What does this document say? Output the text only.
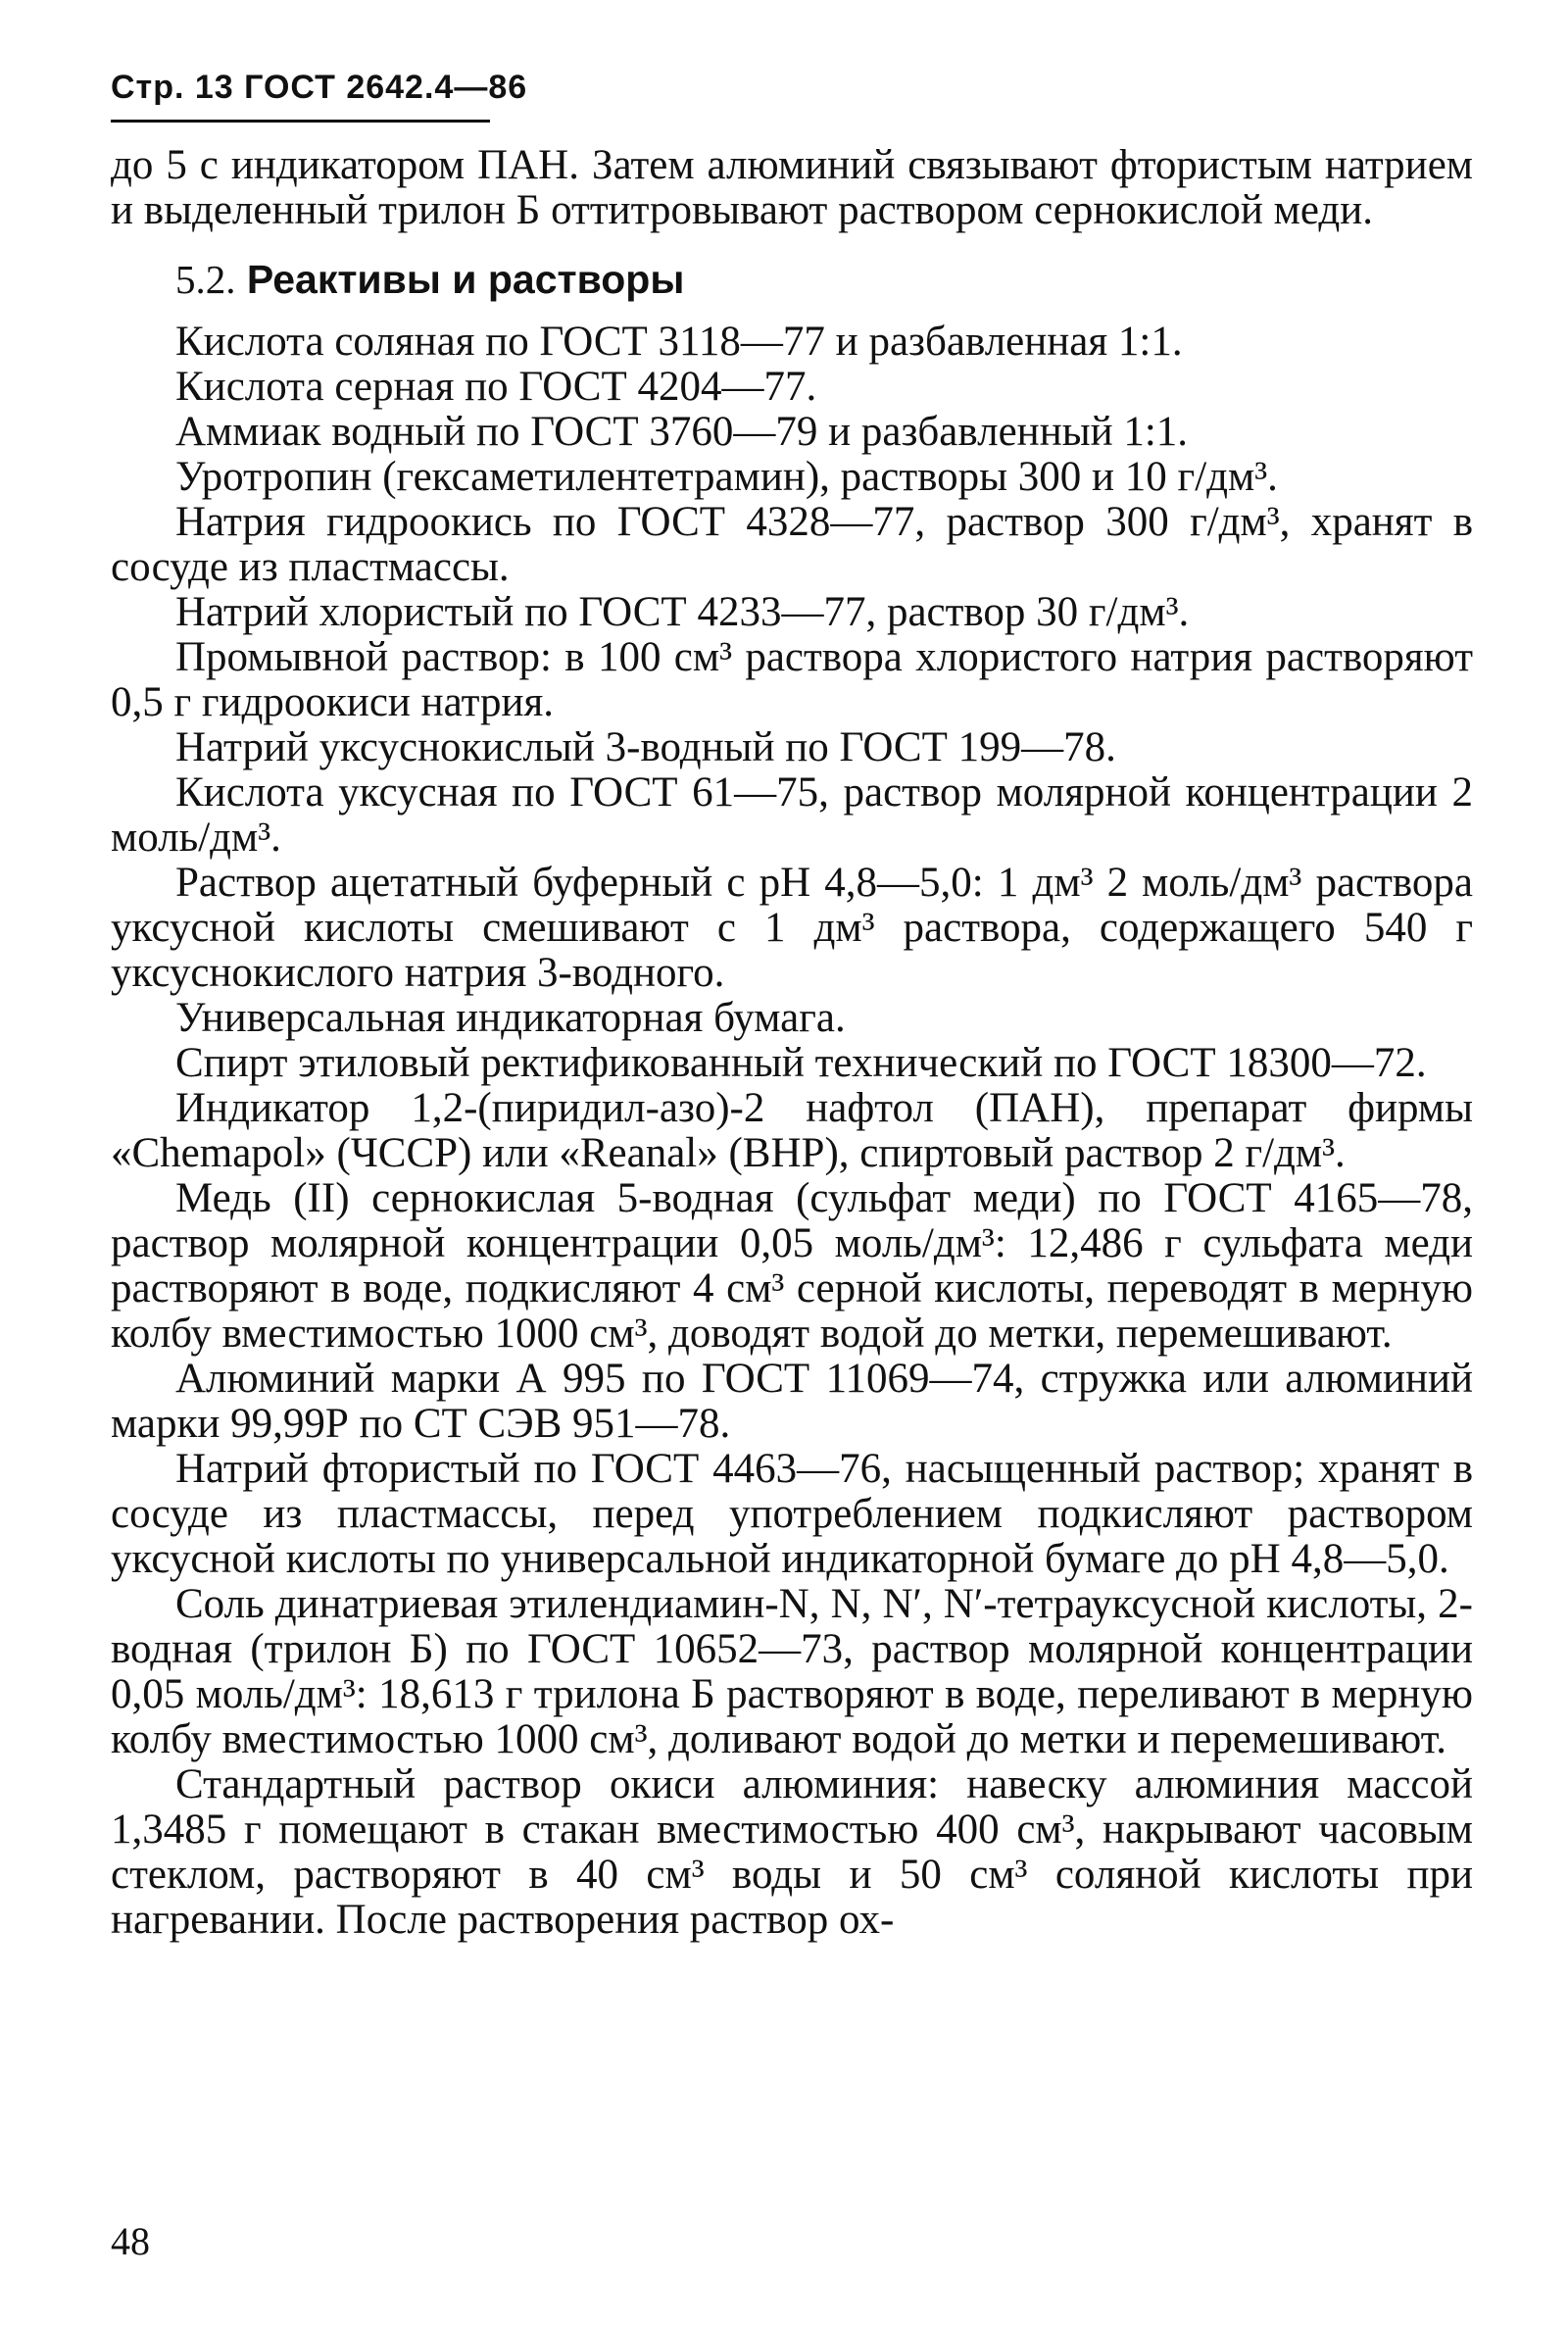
Стр. 13 ГОСТ 2642.4—86

до 5 с индикатором ПАН. Затем алюминий связывают фтористым натрием и выделенный трилон Б оттитровывают раствором сернокислой меди.

5.2. Реактивы и растворы

Кислота соляная по ГОСТ 3118—77 и разбавленная 1:1.

Кислота серная по ГОСТ 4204—77.

Аммиак водный по ГОСТ 3760—79 и разбавленный 1:1.

Уротропин (гексаметилентетрамин), растворы 300 и 10 г/дм³.

Натрия гидроокись по ГОСТ 4328—77, раствор 300 г/дм³, хранят в сосуде из пластмассы.

Натрий хлористый по ГОСТ 4233—77, раствор 30 г/дм³.

Промывной раствор: в 100 см³ раствора хлористого натрия растворяют 0,5 г гидроокиси натрия.

Натрий уксуснокислый 3-водный по ГОСТ 199—78.

Кислота уксусная по ГОСТ 61—75, раствор молярной концентрации 2 моль/дм³.

Раствор ацетатный буферный с рН 4,8—5,0: 1 дм³ 2 моль/дм³ раствора уксусной кислоты смешивают с 1 дм³ раствора, содержащего 540 г уксуснокислого натрия 3-водного.

Универсальная индикаторная бумага.

Спирт этиловый ректификованный технический по ГОСТ 18300—72.

Индикатор 1,2-(пиридил-азо)-2 нафтол (ПАН), препарат фирмы «Chemapol» (ЧССР) или «Reanal» (ВНР), спиртовый раствор 2 г/дм³.

Медь (II) сернокислая 5-водная (сульфат меди) по ГОСТ 4165—78, раствор молярной концентрации 0,05 моль/дм³: 12,486 г сульфата меди растворяют в воде, подкисляют 4 см³ серной кислоты, переводят в мерную колбу вместимостью 1000 см³, доводят водой до метки, перемешивают.

Алюминий марки А 995 по ГОСТ 11069—74, стружка или алюминий марки 99,99Р по СТ СЭВ 951—78.

Натрий фтористый по ГОСТ 4463—76, насыщенный раствор; хранят в сосуде из пластмассы, перед употреблением подкисляют раствором уксусной кислоты по универсальной индикаторной бумаге до рН 4,8—5,0.

Соль динатриевая этилендиамин-N, N, N′, N′-тетрауксусной кислоты, 2-водная (трилон Б) по ГОСТ 10652—73, раствор молярной концентрации 0,05 моль/дм³: 18,613 г трилона Б растворяют в воде, переливают в мерную колбу вместимостью 1000 см³, доливают водой до метки и перемешивают.

Стандартный раствор окиси алюминия: навеску алюминия массой 1,3485 г помещают в стакан вместимостью 400 см³, накрывают часовым стеклом, растворяют в 40 см³ воды и 50 см³ соляной кислоты при нагревании. После растворения раствор ох-

48
